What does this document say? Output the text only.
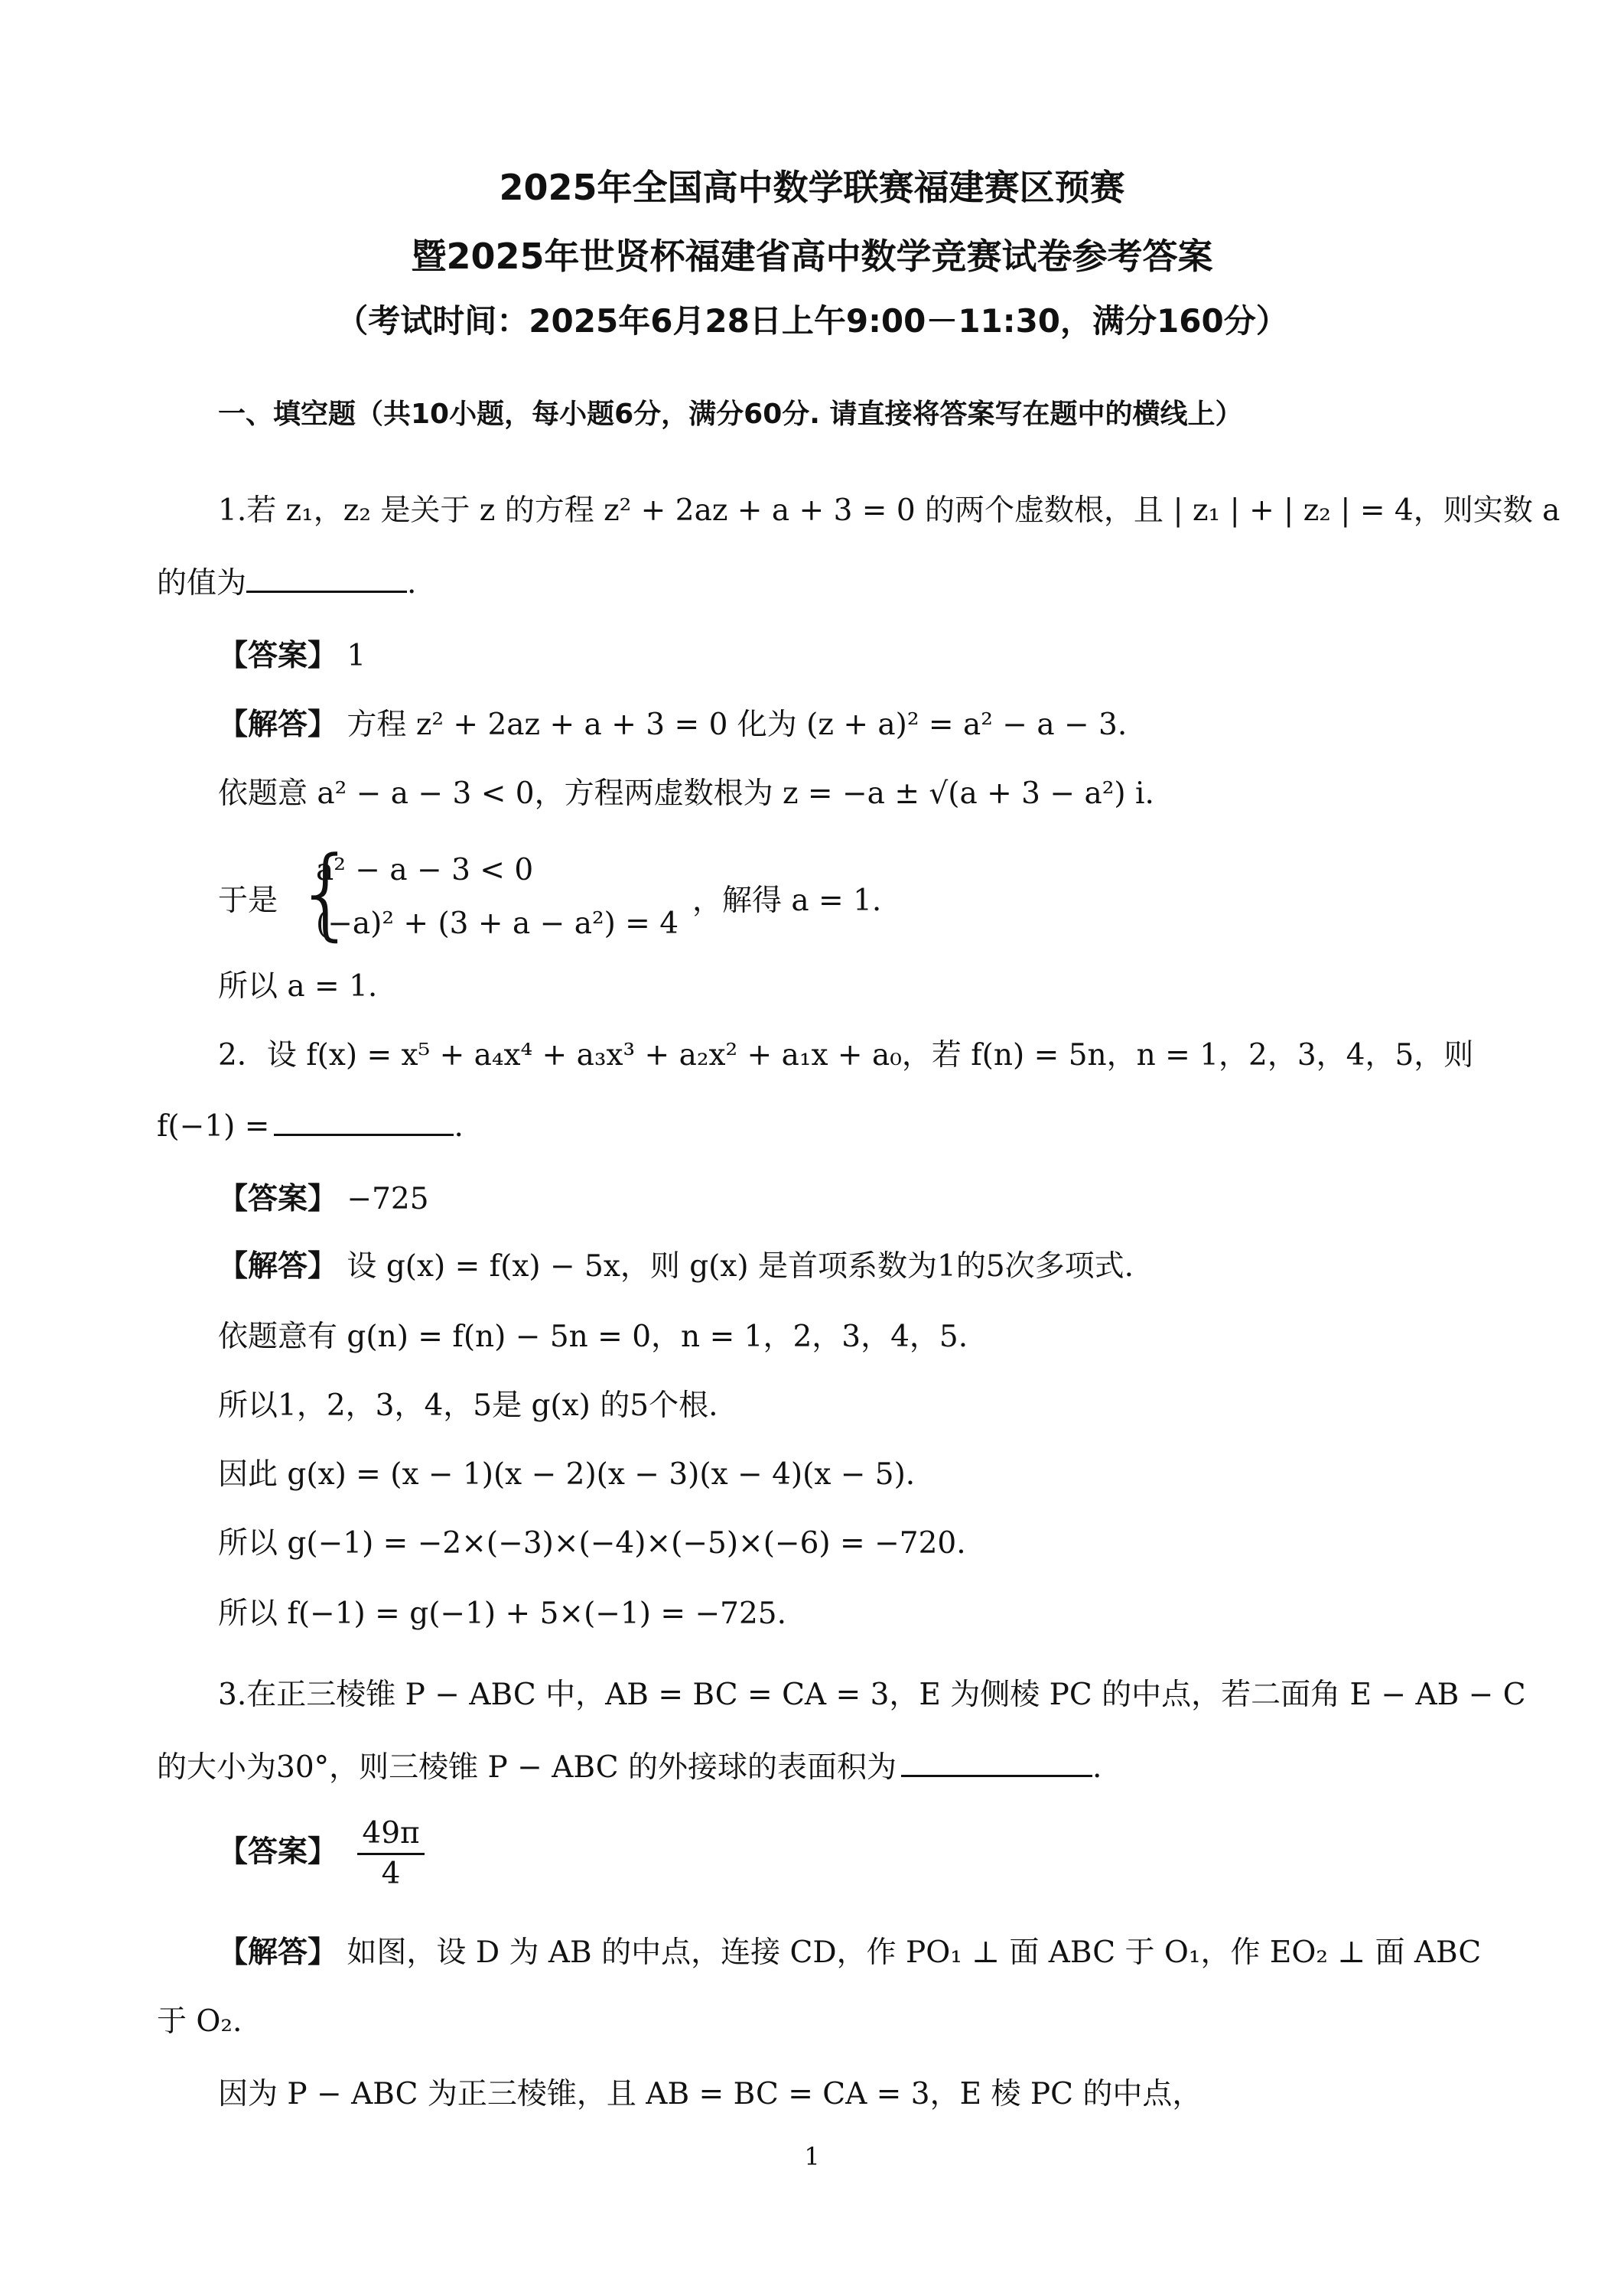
2025年全国高中数学联赛福建赛区预赛
暨2025年世贤杯福建省高中数学竞赛试卷参考答案
（考试时间：2025年6月28日上午9:00－11:30，满分160分）
一、填空题（共10小题，每小题6分，满分60分. 请直接将答案写在题中的横线上）
1.若 z₁，z₂ 是关于 z 的方程 z² + 2az + a + 3 = 0 的两个虚数根，且 | z₁ | + | z₂ | = 4，则实数 a
的值为	.
【答案】 1
【解答】 方程 z² + 2az + a + 3 = 0 化为 (z + a)² = a² − a − 3.
依题意 a² − a − 3 < 0，方程两虚数根为 z = −a ± √(a + 3 − a²) i.
于是 {
a² − a − 3 < 0
(−a)² + (3 + a − a²) = 4
，解得 a = 1.
所以 a = 1.
2．设 f(x) = x⁵ + a₄x⁴ + a₃x³ + a₂x² + a₁x + a₀，若 f(n) = 5n，n = 1，2，3，4，5，则
f(−1) =	.
【答案】 −725
【解答】 设 g(x) = f(x) − 5x，则 g(x) 是首项系数为1的5次多项式.
依题意有 g(n) = f(n) − 5n = 0，n = 1，2，3，4，5.
所以1，2，3，4，5是 g(x) 的5个根.
因此 g(x) = (x − 1)(x − 2)(x − 3)(x − 4)(x − 5).
所以 g(−1) = −2×(−3)×(−4)×(−5)×(−6) = −720.
所以 f(−1) = g(−1) + 5×(−1) = −725.
3.在正三棱锥 P − ABC 中，AB = BC = CA = 3，E 为侧棱 PC 的中点，若二面角 E − AB − C
的大小为30°，则三棱锥 P − ABC 的外接球的表面积为	.
【答案】 $\frac{49\pi}{4}$
【解答】 如图，设 D 为 AB 的中点，连接 CD，作 PO₁ ⊥ 面 ABC 于 O₁，作 EO₂ ⊥ 面 ABC
于 O₂.
因为 P − ABC 为正三棱锥，且 AB = BC = CA = 3，E 棱 PC 的中点，
1
